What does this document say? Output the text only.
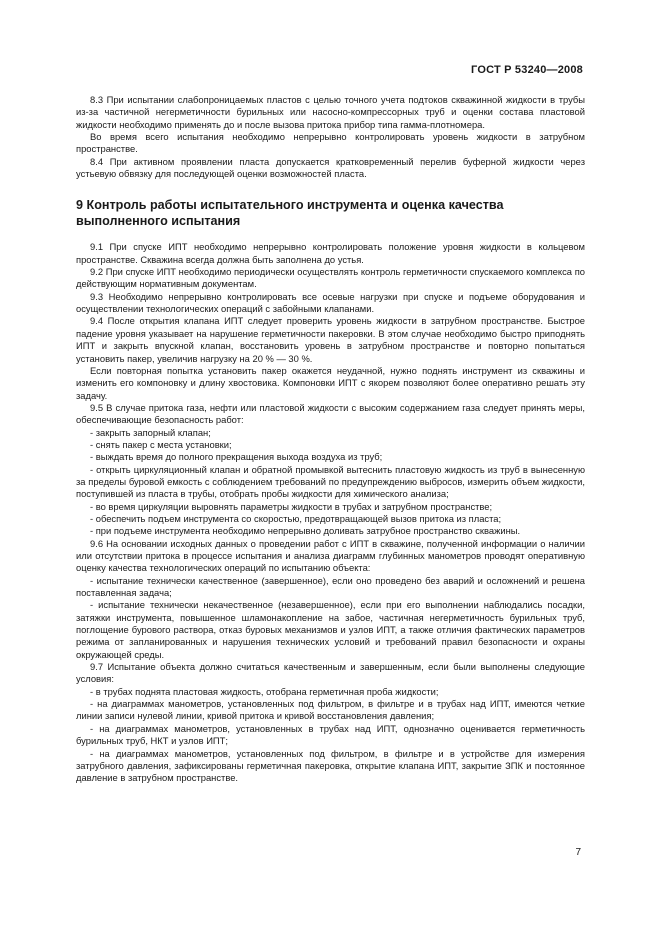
ГОСТ Р 53240—2008

8.3 При испытании слабопроницаемых пластов с целью точного учета подтоков скважинной жидкости в трубы из-за частичной негерметичности бурильных или насосно-компрессорных труб и оценки состава пластовой жидкости необходимо применять до и после вызова притока прибор типа гамма-плотномера.

Во время всего испытания необходимо непрерывно контролировать уровень жидкости в затрубном пространстве.

8.4 При активном проявлении пласта допускается кратковременный перелив буферной жидкости через устьевую обвязку для последующей оценки возможностей пласта.

9 Контроль работы испытательного инструмента и оценка качества выполненного испытания

9.1 При спуске ИПТ необходимо непрерывно контролировать положение уровня жидкости в кольцевом пространстве. Скважина всегда должна быть заполнена до устья.

9.2 При спуске ИПТ необходимо периодически осуществлять контроль герметичности спускаемого комплекса по действующим нормативным документам.

9.3 Необходимо непрерывно контролировать все осевые нагрузки при спуске и подъеме оборудования и осуществлении технологических операций с забойными клапанами.

9.4 После открытия клапана ИПТ следует проверить уровень жидкости в затрубном пространстве. Быстрое падение уровня указывает на нарушение герметичности пакеровки. В этом случае необходимо быстро приподнять ИПТ и закрыть впускной клапан, восстановить уровень в затрубном пространстве и повторно попытаться установить пакер, увеличив нагрузку на 20 % — 30 %.

Если повторная попытка установить пакер окажется неудачной, нужно поднять инструмент из скважины и изменить его компоновку и длину хвостовика. Компоновки ИПТ с якорем позволяют более оперативно решать эту задачу.

9.5 В случае притока газа, нефти или пластовой жидкости с высоким содержанием газа следует принять меры, обеспечивающие безопасность работ:

- закрыть запорный клапан;

- снять пакер с места установки;

- выждать время до полного прекращения выхода воздуха из труб;

- открыть циркуляционный клапан и обратной промывкой вытеснить пластовую жидкость из труб в вынесенную за пределы буровой емкость с соблюдением требований по предупреждению выбросов, измерить объем жидкости, поступившей из пласта в трубы, отобрать пробы жидкости для химического анализа;

- во время циркуляции выровнять параметры жидкости в трубах и затрубном пространстве;

- обеспечить подъем инструмента со скоростью, предотвращающей вызов притока из пласта;

- при подъеме инструмента необходимо непрерывно доливать затрубное пространство скважины.

9.6 На основании исходных данных о проведении работ с ИПТ в скважине, полученной информации о наличии или отсутствии притока в процессе испытания и анализа диаграмм глубинных манометров проводят оперативную оценку качества технологических операций по испытанию объекта:

- испытание технически качественное (завершенное), если оно проведено без аварий и осложнений и решена поставленная задача;

- испытание технически некачественное (незавершенное), если при его выполнении наблюдались посадки, затяжки инструмента, повышенное шламонакопление на забое, частичная негерметичность бурильных труб, поглощение бурового раствора, отказ буровых механизмов и узлов ИПТ, а также отличия фактических параметров режима от запланированных и нарушения технических условий и требований правил безопасности и охраны окружающей среды.

9.7 Испытание объекта должно считаться качественным и завершенным, если были выполнены следующие условия:

- в трубах поднята пластовая жидкость, отобрана герметичная проба жидкости;

- на диаграммах манометров, установленных под фильтром, в фильтре и в трубах над ИПТ, имеются четкие линии записи нулевой линии, кривой притока и кривой восстановления давления;

- на диаграммах манометров, установленных в трубах над ИПТ, однозначно оценивается герметичность бурильных труб, НКТ и узлов ИПТ;

- на диаграммах манометров, установленных под фильтром, в фильтре и в устройстве для измерения затрубного давления, зафиксированы герметичная пакеровка, открытие клапана ИПТ, закрытие ЗПК и постоянное давление в затрубном пространстве.

7
